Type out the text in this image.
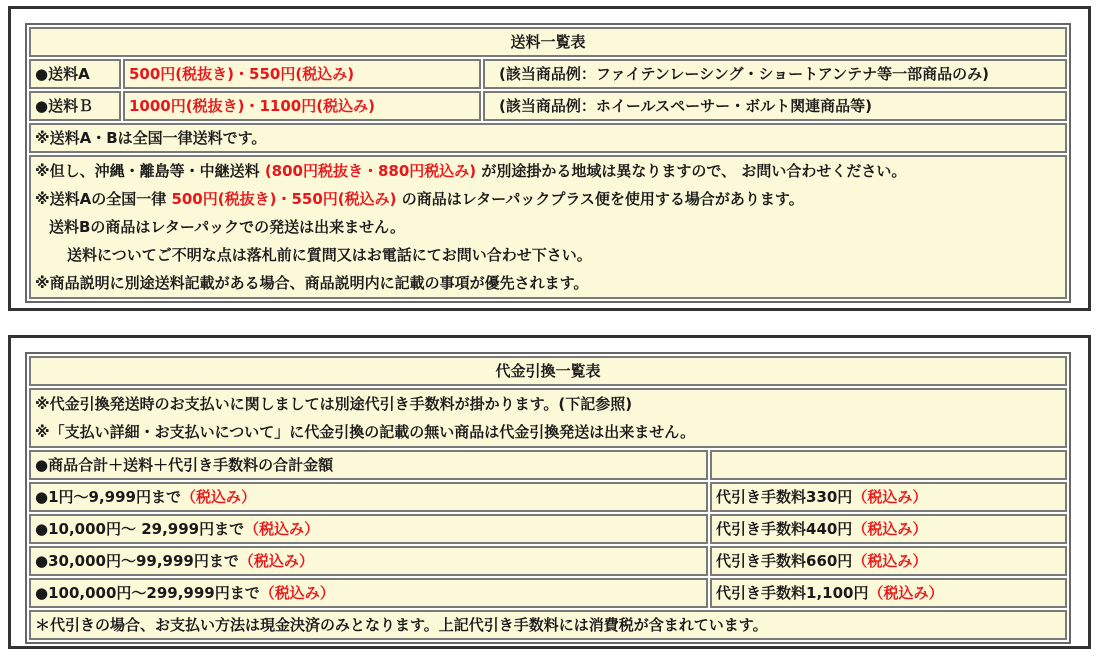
送料一覧表		
●送料A	500円(税抜き)・550円(税込み)	(該当商品例：ファイテンレーシング・ショートアンテナ等一部商品のみ)
●送料Ｂ	1000円(税抜き)・1100円(税込み)	(該当商品例：ホイールスペーサー・ボルト関連商品等)
※送料A・Bは全国一律送料です。		

※但し、沖縄・離島等・中継送料 (800円税抜き・880円税込み) が別途掛かる地域は異なりますので、 お問い合わせください。
※送料Aの全国一律 500円(税抜き)・550円(税込み) の商品はレターパックプラス便を使用する場合があります。
送料Bの商品はレターパックでの発送は出来ません。
送料についてご不明な点は落札前に質問又はお電話にてお問い合わせ下さい。
※商品説明に別途送料記載がある場合、商品説明内に記載の事項が優先されます。		
代金引換一覧表	

※代金引換発送時のお支払いに関しましては別途代引き手数料が掛かります。(下記参照)
※「支払い詳細・お支払いについて」に代金引換の記載の無い商品は代金引換発送は出来ません。	

●商品合計＋送料＋代引き手数料の合計金額	
●1円～9,999円まで（税込み）	代引き手数料330円（税込み）
●10,000円～ 29,999円まで（税込み）	代引き手数料440円（税込み）
●30,000円～99,999円まで（税込み）	代引き手数料660円（税込み）
●100,000円～299,999円まで（税込み）	代引き手数料1,100円（税込み）
＊代引きの場合、お支払い方法は現金決済のみとなります。上記代引き手数料には消費税が含まれています。	
